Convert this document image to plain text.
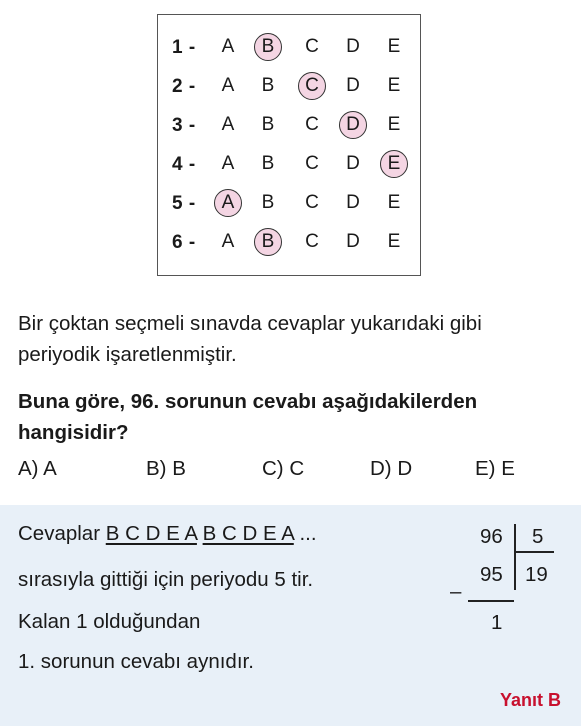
1 -	A	B	C	D	E
2 -	A	B	C	D	E
3 -	A	B	C	D	E
4 -	A	B	C	D	E
5 -	A	B	C	D	E
6 -	A	B	C	D	E
Bir çoktan seçmeli sınavda cevaplar yukarıdaki gibi
periyodik işaretlenmiştir.
Buna göre, 96. sorunun cevabı aşağıdakilerden
hangisidir?
A) A	B) B	C) C	D) D	E) E
Cevaplar B C D E A B C D E A ...
sırasıyla gittiği için periyodu 5 tir.
Kalan 1 olduğundan
1. sorunun cevabı aynıdır.
96 5
95 19
–
1
Yanıt B
